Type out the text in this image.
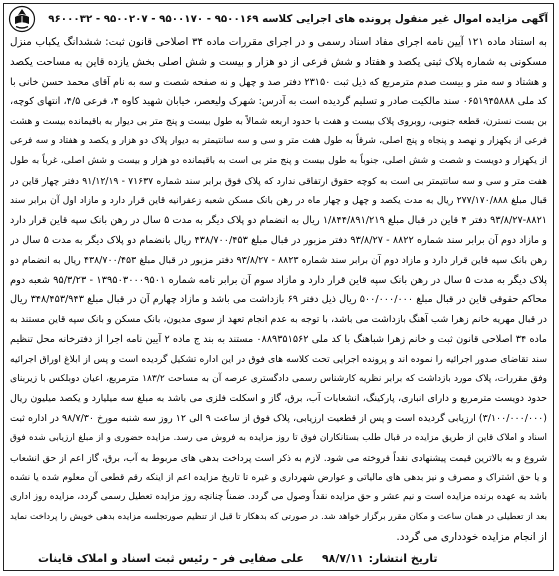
آگهی مزایده اموال غیر منقول پرونده های اجرایی کلاسه ۹۵۰۰۱۶۹ - ۹۵۰۰۱۷۰ - ۹۵۰۰۲۰۷ - ۹۶۰۰۰۳۲
به استناد ماده ۱۲۱ آیین نامه اجرای مفاد اسناد رسمی و در اجرای مقررات ماده ۳۴ اصلاحی قانون ثبت: ششدانگ یکباب منزل
مسکونی به شماره پلاک ثبتی یکصد و هفتاد و شش فرعی از دو هزار و بیست و شش اصلی بخش یازده قاین به مساحت یکصد
و هشتاد و سه متر و بیست صدم مترمربع که ذیل ثبت ۲۳۱۵۰ دفتر صد و چهل و نه صفحه شصت و سه به نام آقای محمد حسن خانی با
کد ملی ۰۶۵۱۹۴۵۸۸۸ سند مالکیت صادر و تسلیم گردیده است به آدرس: شهرک ولیعصر، خیابان شهید کاوه ۴، فرعی ۴/۵، انتهای کوچه،
بن بست نسترن، قطعه جنوبی، روبروی پلاک بیست و هفت با حدود اربعه شمالاً به طول بیست و پنج متر بی دیوار به باقیمانده بیست و هشت
فرعی از یکهزار و نهصد و پنجاه و پنج اصلی، شرقاً به طول هفت متر و سی و سه سانتیمتر به دیوار پلاک دو هزار و یکصد و هفتاد و سه فرعی
از یکهزار و دویست و شصت و شش اصلی، جنوباً به طول بیست و پنج متر بی است به باقیمانده دو هزار و بیست و شش اصلی، غرباً به طول
هفت متر و سی و سه سانتیمتر بی است به کوچه حقوق ارتفاقی ندارد که پلاک فوق برابر سند شماره ۷۱۶۳۷ - ۹۱/۱۲/۱۹ دفتر چهار قاین در
قبال مبلغ ۲۷۷/۱۷۰/۸۸۸ ریال به مدت یکصد و چهل و چهار ماه در رهن بانک مسکن شعبه زعفرانیه قاین قرار دارد و مازاد اول آن برابر سند
۹۳/۸/۲۷-۸۸۲۱ دفتر ۴ قاین در قبال مبلغ ۱/۸۴۴/۸۹۱/۲۱۹ ریال به انضمام دو پلاک دیگر به مدت ۵ سال در رهن بانک سپه قاین قرار دارد
و مازاد دوم آن برابر سند شماره ۸۸۲۲ - ۹۳/۸/۲۷ دفتر مزبور در قبال مبلغ ۴۳۸/۷۰۰/۴۵۳ ریال بانضمام دو پلاک دیگر به مدت ۵ سال در
رهن بانک سپه قاین قرار دارد و مازاد دوم آن برابر سند شماره ۸۸۲۳ - ۹۳/۸/۲۷ دفتر مزبور در قبال مبلغ ۴۳۸/۷۰۰/۴۵۳ ریال به انضمام دو
پلاک دیگر به مدت ۵ سال در رهن بانک سپه قاین قرار دارد و مازاد سوم آن برابر نامه شماره ۱۳۹۵۰۳۰۰۰۹۵۰۱ - ۹۵/۳/۲۳ شعبه دوم
محاکم حقوقی قاین در قبال مبلغ ۵۰۰/۰۰۰/۰۰۰ ریال ذیل دفتر ۶۹ بازداشت می باشد و مازاد چهارم آن در قبال مبلغ ۳۴۸/۴۵۳/۹۴۳ ریال
در قبال مهریه خانم زهرا شب آهنگ بازداشت می باشد، با توجه به عدم انجام تعهد از سوی مدیون، بانک مسکن و بانک سپه قاین مستند به
ماده ۳۴ اصلاحی قانون ثبت و خانم زهرا شباهنگ با کد ملی ۰۸۸۹۳۵۱۵۶۲ مستند به بند ج ماده ۲ آیین نامه اجرا از دفترخانه محل تنظیم
سند تقاضای صدور اجرائیه را نموده اند و پرونده اجرایی تحت کلاسه های فوق در این اداره تشکیل گردیده است و پس از ابلاغ اوراق اجرائیه
وفق مقررات، پلاک مورد بازداشت که برابر نظریه کارشناس رسمی دادگستری عرصه آن به مساحت ۱۸۳/۲ مترمربع، اعیان دوبلکس با زیربنای
حدود دویست مترمربع و دارای انباری، پارکینگ، انشعابات آب، برق، گاز و اسکلت فلزی می باشد به مبلغ سه میلیارد و یکصد میلیون ریال
(۳/۱۰۰/۰۰۰/۰۰۰) ارزیابی گردیده است و پس از قطعیت ارزیابی، پلاک فوق از ساعت ۹ الی ۱۲ روز سه شنبه مورخ ۹۸/۷/۳۰ در اداره ثبت
اسناد و املاک قاین از طریق مزایده در قبال طلب بستانکاران فوق تا روز مزایده به فروش می رسد. مزایده حضوری و از مبلغ ارزیابی شده فوق
شروع و به بالاترین قیمت پیشنهادی نقداً فروخته می شود. لازم به ذکر است پرداخت بدهی های مربوط به آب، برق، گاز اعم از حق انشعاب
و یا حق اشتراک و مصرف و نیز بدهی های مالیاتی و عوارض شهرداری و غیره تا تاریخ مزایده اعم از اینکه رقم قطعی آن معلوم شده یا نشده
باشد به عهده برنده مزایده است و نیم عشر و حق مزایده نقداً وصول می گردد. ضمناً چنانچه روز مزایده تعطیل رسمی گردد، مزایده روز اداری
بعد از تعطیلی در همان ساعت و مکان مقرر برگزار خواهد شد. در صورتی که بدهکار تا قبل از تنظیم صورتجلسه مزایده بدهی خویش را پرداخت نماید
از انجام مزایده خودداری می گردد.
تاریخ انتشار:
۹۸/۷/۱۱
علی صفایی فر - رئیس ثبت اسناد و املاک قاینات
